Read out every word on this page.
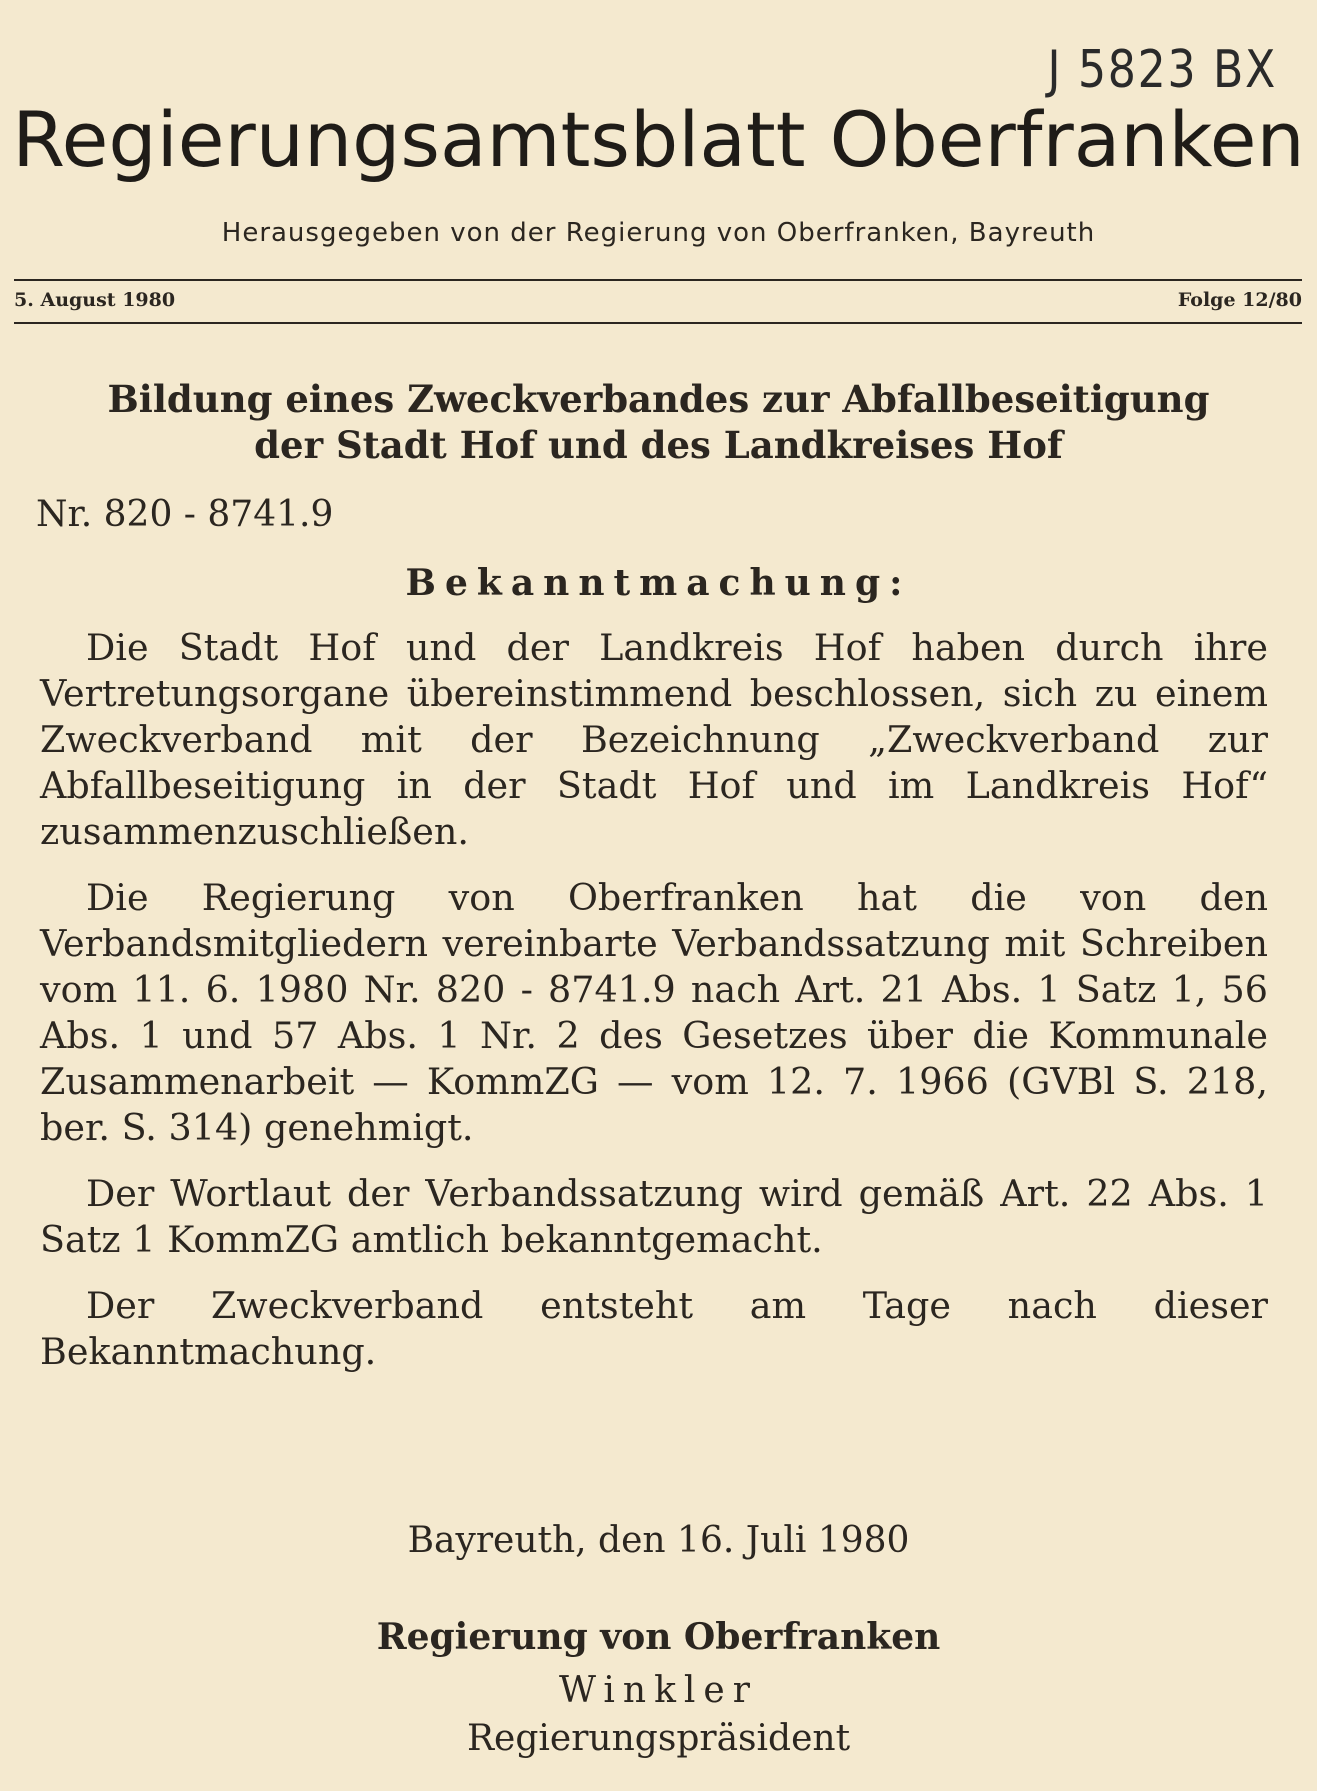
J 5823 BX
Regierungsamtsblatt Oberfranken
Herausgegeben von der Regierung von Oberfranken, Bayreuth
5. August 1980	Folge 12/80
Bildung eines Zweckverbandes zur Abfallbeseitigung
der Stadt Hof und des Landkreises Hof
Nr. 820 - 8741.9
Bekanntmachung:

Die Stadt Hof und der Landkreis Hof haben durch ihre Vertretungsorgane übereinstimmend beschlossen, sich zu einem Zweckverband mit der Bezeichnung „Zweckverband zur Abfallbeseitigung in der Stadt Hof und im Landkreis Hof“ zusammenzuschließen.

Die Regierung von Oberfranken hat die von den Verbandsmitgliedern vereinbarte Verbandssatzung mit Schreiben vom 11. 6. 1980 Nr. 820 - 8741.9 nach Art. 21 Abs. 1 Satz 1, 56 Abs. 1 und 57 Abs. 1 Nr. 2 des Gesetzes über die Kommunale Zusammenarbeit — KommZG — vom 12. 7. 1966 (GVBl S. 218, ber. S. 314) genehmigt.

Der Wortlaut der Verbandssatzung wird gemäß Art. 22 Abs. 1 Satz 1 KommZG amtlich bekanntgemacht.

Der Zweckverband entsteht am Tage nach dieser Bekanntmachung.

Bayreuth, den 16. Juli 1980
Regierung von Oberfranken
Winkler
Regierungspräsident
